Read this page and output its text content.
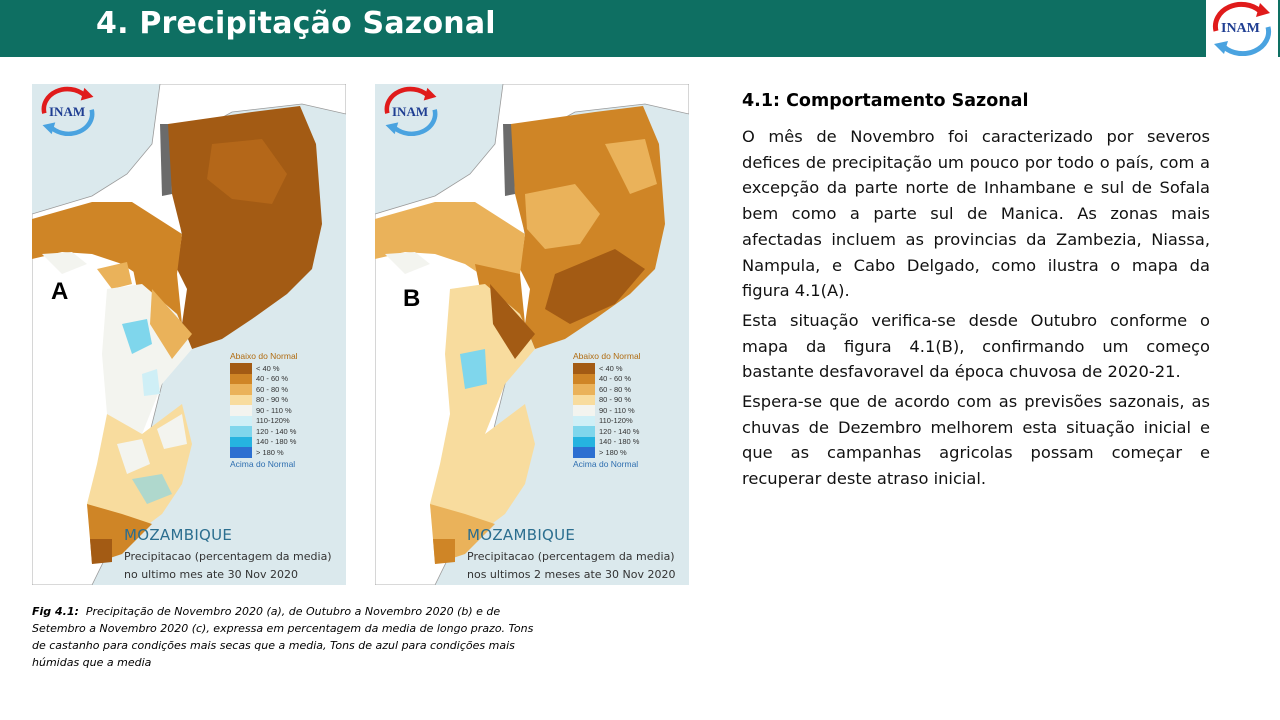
4. Precipitação Sazonal	INAM
INAM
A
Abaixo do Normal
< 40 %
40 - 60 %
60 - 80 %
80 - 90 %
90 - 110 %
110-120%
120 - 140 %
140 - 180 %
> 180 %
Acima do Normal
MOZAMBIQUE
Precipitacao (percentagem da media)
no ultimo mes ate 30 Nov 2020
INAM
B
Abaixo do Normal
< 40 %
40 - 60 %
60 - 80 %
80 - 90 %
90 - 110 %
110-120%
120 - 140 %
140 - 180 %
> 180 %
Acima do Normal
MOZAMBIQUE
Precipitacao (percentagem da media)
nos ultimos 2 meses ate 30 Nov 2020
Fig 4.1: Precipitação de Novembro 2020 (a), de Outubro a Novembro 2020 (b) e de Setembro a Novembro 2020 (c), expressa em percentagem da media de longo prazo. Tons de castanho para condições mais secas que a media, Tons de azul para condições mais húmidas que a media
4.1: Comportamento Sazonal
O mês de Novembro foi caracterizado por severos defices de precipitação um pouco por todo o país, com a excepção da parte norte de Inhambane e sul de Sofala bem como a parte sul de Manica. As zonas mais afectadas incluem as provincias da Zambezia, Niassa, Nampula, e Cabo Delgado, como ilustra o mapa da figura 4.1(A).
Esta situação verifica-se desde Outubro conforme o mapa da figura 4.1(B), confirmando um começo bastante desfavoravel da época chuvosa de 2020-21.
Espera-se que de acordo com as previsões sazonais, as chuvas de Dezembro melhorem esta situação inicial e que as campanhas agricolas possam começar e recuperar deste atraso inicial.
